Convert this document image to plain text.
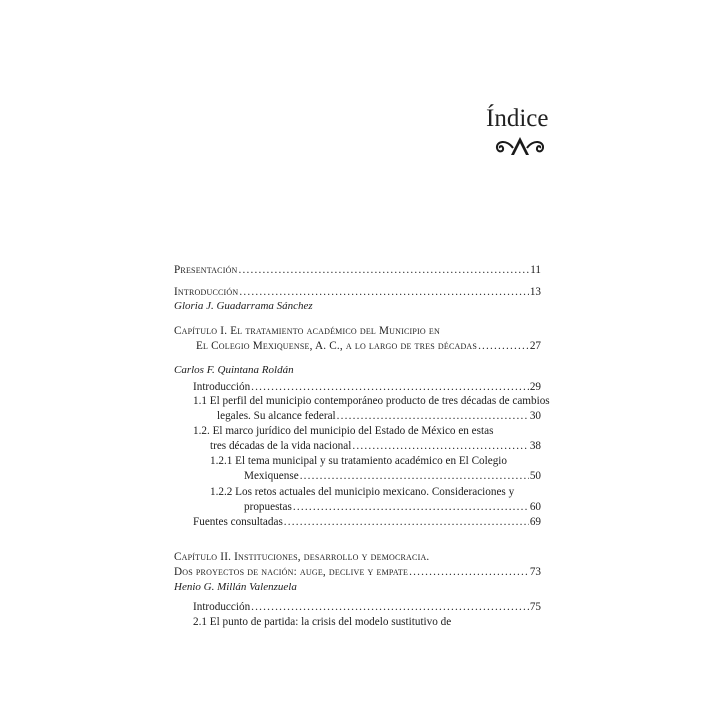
Índice
Presentación .....	11
Introducción .....	13
Gloria J. Guadarrama Sánchez
Capítulo I. El tratamiento académico del Municipio en
El Colegio Mexiquense, A. C., a lo largo de tres décadas .....	27
Carlos F. Quintana Roldán
Introducción .....	29
1.1 El perfil del municipio contemporáneo producto de tres décadas de cambios
legales. Su alcance federal .....	30
1.2. El marco jurídico del municipio del Estado de México en estas
tres décadas de la vida nacional .....	38
1.2.1 El tema municipal y su tratamiento académico en El Colegio
Mexiquense .....	50
1.2.2 Los retos actuales del municipio mexicano. Consideraciones y
propuestas .....	60
Fuentes consultadas .....	69
Capítulo II. Instituciones, desarrollo y democracia.
Dos proyectos de nación: auge, declive y empate .....	73
Henio G. Millán Valenzuela
Introducción .....	75
2.1 El punto de partida: la crisis del modelo sustitutivo de
